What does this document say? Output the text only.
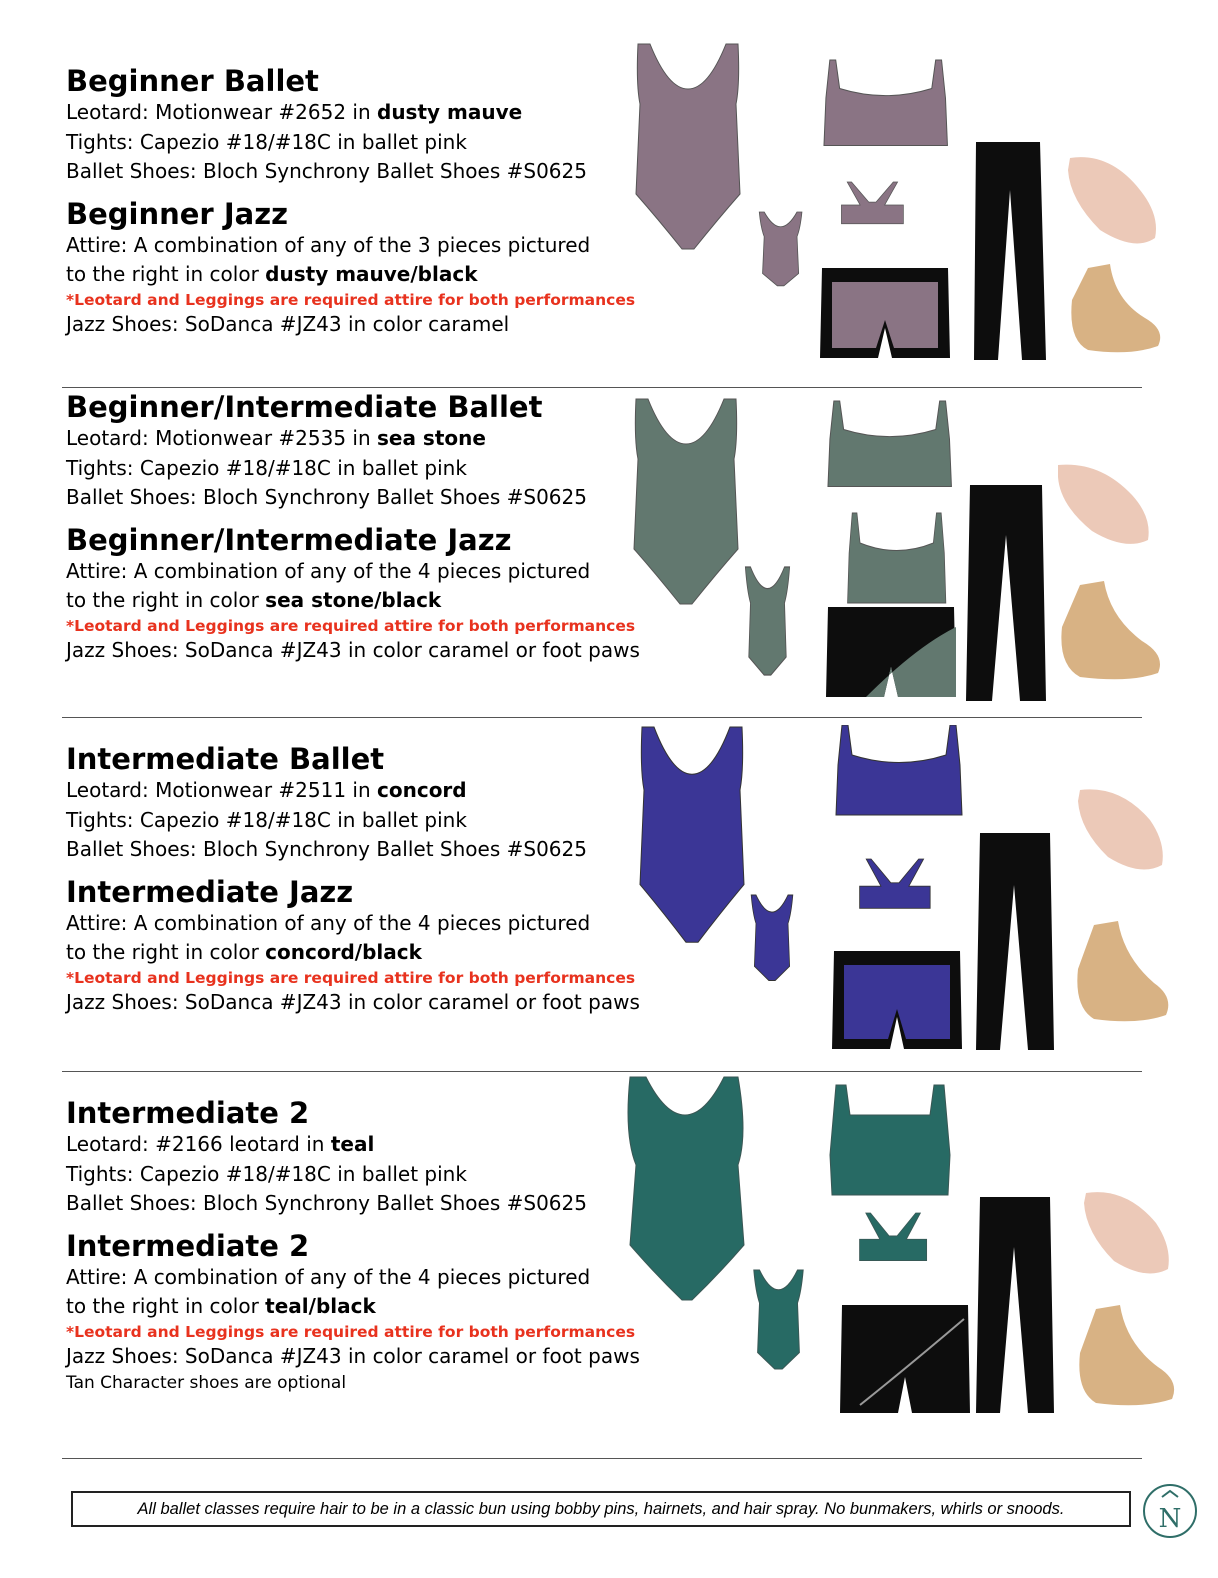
Beginner Ballet
Leotard: Motionwear #2652 in dusty mauve
Tights: Capezio #18/#18C in ballet pink
Ballet Shoes: Bloch Synchrony Ballet Shoes #S0625
Beginner Jazz
Attire: A combination of any of the 3 pieces pictured
to the right in color dusty mauve/black
*Leotard and Leggings are required attire for both performances
Jazz Shoes: SoDanca #JZ43 in color caramel
Beginner/Intermediate Ballet
Leotard: Motionwear #2535 in sea stone
Tights: Capezio #18/#18C in ballet pink
Ballet Shoes: Bloch Synchrony Ballet Shoes #S0625
Beginner/Intermediate Jazz
Attire: A combination of any of the 4 pieces pictured
to the right in color sea stone/black
*Leotard and Leggings are required attire for both performances
Jazz Shoes: SoDanca #JZ43 in color caramel or foot paws
Intermediate Ballet
Leotard: Motionwear #2511 in concord
Tights: Capezio #18/#18C in ballet pink
Ballet Shoes: Bloch Synchrony Ballet Shoes #S0625
Intermediate Jazz
Attire: A combination of any of the 4 pieces pictured
to the right in color concord/black
*Leotard and Leggings are required attire for both performances
Jazz Shoes: SoDanca #JZ43 in color caramel or foot paws
Intermediate 2
Leotard: #2166 leotard in teal
Tights: Capezio #18/#18C in ballet pink
Ballet Shoes: Bloch Synchrony Ballet Shoes #S0625
Intermediate 2
Attire: A combination of any of the 4 pieces pictured
to the right in color teal/black
*Leotard and Leggings are required attire for both performances
Jazz Shoes: SoDanca #JZ43 in color caramel or foot paws
Tan Character shoes are optional
All ballet classes require hair to be in a classic bun using bobby pins, hairnets, and hair spray. No bunmakers, whirls or snoods.	N
